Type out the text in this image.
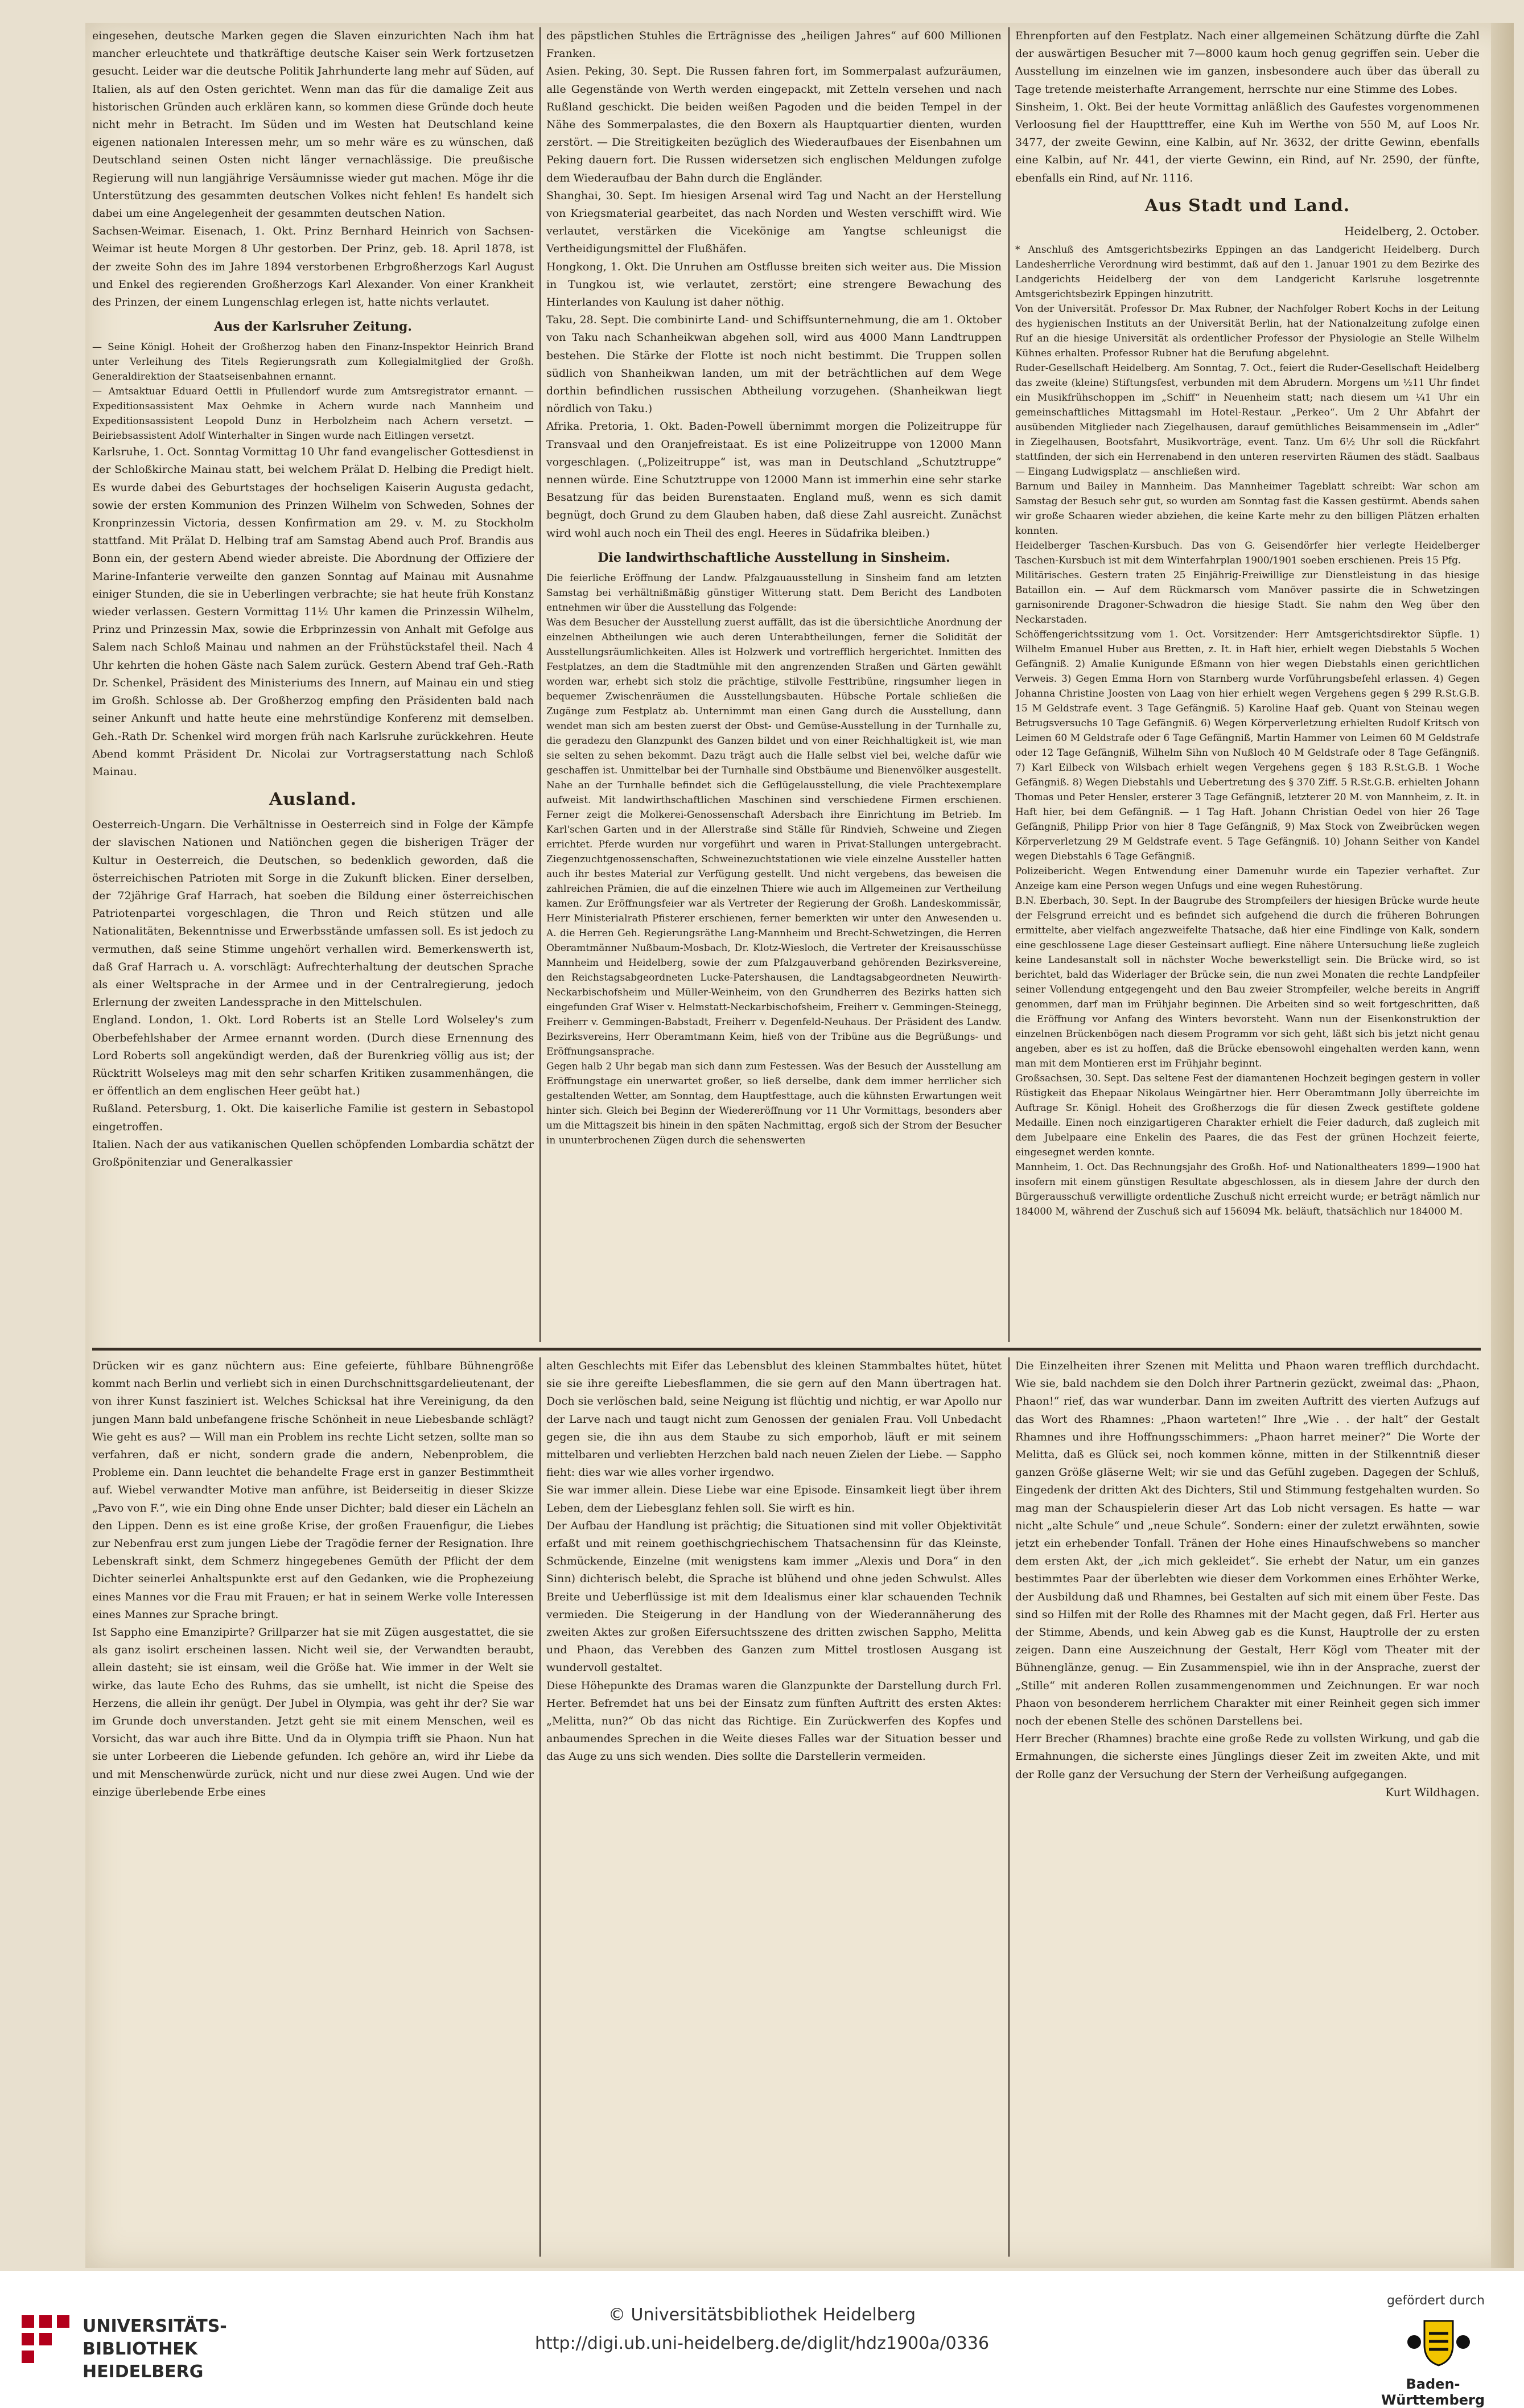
eingesehen, deutsche Marken gegen die Slaven einzurichten Nach ihm hat mancher erleuchtete und thatkräftige deutsche Kaiser sein Werk fortzusetzen gesucht. Leider war die deutsche Politik Jahrhunderte lang mehr auf Süden, auf Italien, als auf den Osten gerichtet. Wenn man das für die damalige Zeit aus historischen Gründen auch erklären kann, so kommen diese Gründe doch heute nicht mehr in Betracht. Im Süden und im Westen hat Deutschland keine eigenen nationalen Interessen mehr, um so mehr wäre es zu wünschen, daß Deutschland seinen Osten nicht länger vernachlässige. Die preußische Regierung will nun langjährige Versäumnisse wieder gut machen. Möge ihr die Unterstützung des gesammten deutschen Volkes nicht fehlen! Es handelt sich dabei um eine Angelegenheit der gesammten deutschen Nation.

Sachsen-Weimar. Eisenach, 1. Okt. Prinz Bernhard Heinrich von Sachsen-Weimar ist heute Morgen 8 Uhr gestorben. Der Prinz, geb. 18. April 1878, ist der zweite Sohn des im Jahre 1894 verstorbenen Erbgroßherzogs Karl August und Enkel des regierenden Großherzogs Karl Alexander. Von einer Krankheit des Prinzen, der einem Lungenschlag erlegen ist, hatte nichts verlautet.

Aus der Karlsruher Zeitung.

— Seine Königl. Hoheit der Großherzog haben den Finanz-Inspektor Heinrich Brand unter Verleihung des Titels Regierungsrath zum Kollegialmitglied der Großh. Generaldirektion der Staatseisenbahnen ernannt.

— Amtsaktuar Eduard Oettli in Pfullendorf wurde zum Amtsregistrator ernannt. — Expeditionsassistent Max Oehmke in Achern wurde nach Mannheim und Expeditionsassistent Leopold Dunz in Herbolzheim nach Achern versetzt. — Beiriebsassistent Adolf Winterhalter in Singen wurde nach Eitlingen versetzt.

Karlsruhe, 1. Oct. Sonntag Vormittag 10 Uhr fand evangelischer Gottesdienst in der Schloßkirche Mainau statt, bei welchem Prälat D. Helbing die Predigt hielt. Es wurde dabei des Geburtstages der hochseligen Kaiserin Augusta gedacht, sowie der ersten Kommunion des Prinzen Wilhelm von Schweden, Sohnes der Kronprinzessin Victoria, dessen Konfirmation am 29. v. M. zu Stockholm stattfand. Mit Prälat D. Helbing traf am Samstag Abend auch Prof. Brandis aus Bonn ein, der gestern Abend wieder abreiste. Die Abordnung der Offiziere der Marine-Infanterie verweilte den ganzen Sonntag auf Mainau mit Ausnahme einiger Stunden, die sie in Ueberlingen verbrachte; sie hat heute früh Konstanz wieder verlassen. Gestern Vormittag 11½ Uhr kamen die Prinzessin Wilhelm, Prinz und Prinzessin Max, sowie die Erbprinzessin von Anhalt mit Gefolge aus Salem nach Schloß Mainau und nahmen an der Frühstückstafel theil. Nach 4 Uhr kehrten die hohen Gäste nach Salem zurück. Gestern Abend traf Geh.-Rath Dr. Schenkel, Präsident des Ministeriums des Innern, auf Mainau ein und stieg im Großh. Schlosse ab. Der Großherzog empfing den Präsidenten bald nach seiner Ankunft und hatte heute eine mehrstündige Konferenz mit demselben. Geh.-Rath Dr. Schenkel wird morgen früh nach Karlsruhe zurückkehren. Heute Abend kommt Präsident Dr. Nicolai zur Vortragserstattung nach Schloß Mainau.

Ausland.

Oesterreich-Ungarn. Die Verhältnisse in Oesterreich sind in Folge der Kämpfe der slavischen Nationen und Natiönchen gegen die bisherigen Träger der Kultur in Oesterreich, die Deutschen, so bedenklich geworden, daß die österreichischen Patrioten mit Sorge in die Zukunft blicken. Einer derselben, der 72jährige Graf Harrach, hat soeben die Bildung einer österreichischen Patriotenpartei vorgeschlagen, die Thron und Reich stützen und alle Nationalitäten, Bekenntnisse und Erwerbsstände umfassen soll. Es ist jedoch zu vermuthen, daß seine Stimme ungehört verhallen wird. Bemerkenswerth ist, daß Graf Harrach u. A. vorschlägt: Aufrechterhaltung der deutschen Sprache als einer Weltsprache in der Armee und in der Centralregierung, jedoch Erlernung der zweiten Landessprache in den Mittelschulen.

England. London, 1. Okt. Lord Roberts ist an Stelle Lord Wolseley's zum Oberbefehlshaber der Armee ernannt worden. (Durch diese Ernennung des Lord Roberts soll angekündigt werden, daß der Burenkrieg völlig aus ist; der Rücktritt Wolseleys mag mit den sehr scharfen Kritiken zusammenhängen, die er öffentlich an dem englischen Heer geübt hat.)

Rußland. Petersburg, 1. Okt. Die kaiserliche Familie ist gestern in Sebastopol eingetroffen.

Italien. Nach der aus vatikanischen Quellen schöpfenden Lombardia schätzt der Großpönitenziar und Generalkassier

des päpstlichen Stuhles die Erträgnisse des „heiligen Jahres“ auf 600 Millionen Franken.

Asien. Peking, 30. Sept. Die Russen fahren fort, im Sommerpalast aufzuräumen, alle Gegenstände von Werth werden eingepackt, mit Zetteln versehen und nach Rußland geschickt. Die beiden weißen Pagoden und die beiden Tempel in der Nähe des Sommerpalastes, die den Boxern als Hauptquartier dienten, wurden zerstört. — Die Streitigkeiten bezüglich des Wiederaufbaues der Eisenbahnen um Peking dauern fort. Die Russen widersetzen sich englischen Meldungen zufolge dem Wiederaufbau der Bahn durch die Engländer.

Shanghai, 30. Sept. Im hiesigen Arsenal wird Tag und Nacht an der Herstellung von Kriegsmaterial gearbeitet, das nach Norden und Westen verschifft wird. Wie verlautet, verstärken die Vicekönige am Yangtse schleunigst die Vertheidigungsmittel der Flußhäfen.

Hongkong, 1. Okt. Die Unruhen am Ostflusse breiten sich weiter aus. Die Mission in Tungkou ist, wie verlautet, zerstört; eine strengere Bewachung des Hinterlandes von Kaulung ist daher nöthig.

Taku, 28. Sept. Die combinirte Land- und Schiffsunternehmung, die am 1. Oktober von Taku nach Schanheikwan abgehen soll, wird aus 4000 Mann Landtruppen bestehen. Die Stärke der Flotte ist noch nicht bestimmt. Die Truppen sollen südlich von Shanheikwan landen, um mit der beträchtlichen auf dem Wege dorthin befindlichen russischen Abtheilung vorzugehen. (Shanheikwan liegt nördlich von Taku.)

Afrika. Pretoria, 1. Okt. Baden-Powell übernimmt morgen die Polizeitruppe für Transvaal und den Oranjefreistaat. Es ist eine Polizeitruppe von 12000 Mann vorgeschlagen. („Polizeitruppe“ ist, was man in Deutschland „Schutztruppe“ nennen würde. Eine Schutztruppe von 12000 Mann ist immerhin eine sehr starke Besatzung für das beiden Burenstaaten. England muß, wenn es sich damit begnügt, doch Grund zu dem Glauben haben, daß diese Zahl ausreicht. Zunächst wird wohl auch noch ein Theil des engl. Heeres in Südafrika bleiben.)

Die landwirthschaftliche Ausstellung in Sinsheim.

Die feierliche Eröffnung der Landw. Pfalzgauausstellung in Sinsheim fand am letzten Samstag bei verhältnißmäßig günstiger Witterung statt. Dem Bericht des Landboten entnehmen wir über die Ausstellung das Folgende:

Was dem Besucher der Ausstellung zuerst auffällt, das ist die übersichtliche Anordnung der einzelnen Abtheilungen wie auch deren Unterabtheilungen, ferner die Solidität der Ausstellungsräumlichkeiten. Alles ist Holzwerk und vortrefflich hergerichtet. Inmitten des Festplatzes, an dem die Stadtmühle mit den angrenzenden Straßen und Gärten gewählt worden war, erhebt sich stolz die prächtige, stilvolle Festtribüne, ringsumher liegen in bequemer Zwischenräumen die Ausstellungsbauten. Hübsche Portale schließen die Zugänge zum Festplatz ab. Unternimmt man einen Gang durch die Ausstellung, dann wendet man sich am besten zuerst der Obst- und Gemüse-Ausstellung in der Turnhalle zu, die geradezu den Glanzpunkt des Ganzen bildet und von einer Reichhaltigkeit ist, wie man sie selten zu sehen bekommt. Dazu trägt auch die Halle selbst viel bei, welche dafür wie geschaffen ist. Unmittelbar bei der Turnhalle sind Obstbäume und Bienenvölker ausgestellt. Nahe an der Turnhalle befindet sich die Geflügelausstellung, die viele Prachtexemplare aufweist. Mit landwirthschaftlichen Maschinen sind verschiedene Firmen erschienen. Ferner zeigt die Molkerei-Genossenschaft Adersbach ihre Einrichtung im Betrieb. Im Karl'schen Garten und in der Allerstraße sind Ställe für Rindvieh, Schweine und Ziegen errichtet. Pferde wurden nur vorgeführt und waren in Privat-Stallungen untergebracht. Ziegenzuchtgenossenschaften, Schweinezuchtstationen wie viele einzelne Aussteller hatten auch ihr bestes Material zur Verfügung gestellt. Und nicht vergebens, das beweisen die zahlreichen Prämien, die auf die einzelnen Thiere wie auch im Allgemeinen zur Vertheilung kamen. Zur Eröffnungsfeier war als Vertreter der Regierung der Großh. Landeskommissär, Herr Ministerialrath Pfisterer erschienen, ferner bemerkten wir unter den Anwesenden u. A. die Herren Geh. Regierungsräthe Lang-Mannheim und Brecht-Schwetzingen, die Herren Oberamtmänner Nußbaum-Mosbach, Dr. Klotz-Wiesloch, die Vertreter der Kreisausschüsse Mannheim und Heidelberg, sowie der zum Pfalzgauverband gehörenden Bezirksvereine, den Reichstagsabgeordneten Lucke-Patershausen, die Landtagsabgeordneten Neuwirth-Neckarbischofsheim und Müller-Weinheim, von den Grundherren des Bezirks hatten sich eingefunden Graf Wiser v. Helmstatt-Neckarbischofsheim, Freiherr v. Gemmingen-Steinegg, Freiherr v. Gemmingen-Babstadt, Freiherr v. Degenfeld-Neuhaus. Der Präsident des Landw. Bezirksvereins, Herr Oberamtmann Keim, hieß von der Tribüne aus die Begrüßungs- und Eröffnungsansprache.

Gegen halb 2 Uhr begab man sich dann zum Festessen. Was der Besuch der Ausstellung am Eröffnungstage ein unerwartet großer, so ließ derselbe, dank dem immer herrlicher sich gestaltenden Wetter, am Sonntag, dem Hauptfesttage, auch die kühnsten Erwartungen weit hinter sich. Gleich bei Beginn der Wiedereröffnung vor 11 Uhr Vormittags, besonders aber um die Mittagszeit bis hinein in den späten Nachmittag, ergoß sich der Strom der Besucher in ununterbrochenen Zügen durch die sehenswerten

Ehrenpforten auf den Festplatz. Nach einer allgemeinen Schätzung dürfte die Zahl der auswärtigen Besucher mit 7—8000 kaum hoch genug gegriffen sein. Ueber die Ausstellung im einzelnen wie im ganzen, insbesondere auch über das überall zu Tage tretende meisterhafte Arrangement, herrschte nur eine Stimme des Lobes.

Sinsheim, 1. Okt. Bei der heute Vormittag anläßlich des Gaufestes vorgenommenen Verloosung fiel der Hauptttreffer, eine Kuh im Werthe von 550 M, auf Loos Nr. 3477, der zweite Gewinn, eine Kalbin, auf Nr. 3632, der dritte Gewinn, ebenfalls eine Kalbin, auf Nr. 441, der vierte Gewinn, ein Rind, auf Nr. 2590, der fünfte, ebenfalls ein Rind, auf Nr. 1116.

Aus Stadt und Land.

Heidelberg, 2. October.

* Anschluß des Amtsgerichtsbezirks Eppingen an das Landgericht Heidelberg. Durch Landesherrliche Verordnung wird bestimmt, daß auf den 1. Januar 1901 zu dem Bezirke des Landgerichts Heidelberg der von dem Landgericht Karlsruhe losgetrennte Amtsgerichtsbezirk Eppingen hinzutritt.

Von der Universität. Professor Dr. Max Rubner, der Nachfolger Robert Kochs in der Leitung des hygienischen Instituts an der Universität Berlin, hat der Nationalzeitung zufolge einen Ruf an die hiesige Universität als ordentlicher Professor der Physiologie an Stelle Wilhelm Kühnes erhalten. Professor Rubner hat die Berufung abgelehnt.

Ruder-Gesellschaft Heidelberg. Am Sonntag, 7. Oct., feiert die Ruder-Gesellschaft Heidelberg das zweite (kleine) Stiftungsfest, verbunden mit dem Abrudern. Morgens um ½11 Uhr findet ein Musikfrühschoppen im „Schiff“ in Neuenheim statt; nach diesem um ¼1 Uhr ein gemeinschaftliches Mittagsmahl im Hotel-Restaur. „Perkeo“. Um 2 Uhr Abfahrt der ausübenden Mitglieder nach Ziegelhausen, darauf gemüthliches Beisammensein im „Adler“ in Ziegelhausen, Bootsfahrt, Musikvorträge, event. Tanz. Um 6½ Uhr soll die Rückfahrt stattfinden, der sich ein Herrenabend in den unteren reservirten Räumen des städt. Saalbaus — Eingang Ludwigsplatz — anschließen wird.

Barnum und Bailey in Mannheim. Das Mannheimer Tageblatt schreibt: War schon am Samstag der Besuch sehr gut, so wurden am Sonntag fast die Kassen gestürmt. Abends sahen wir große Schaaren wieder abziehen, die keine Karte mehr zu den billigen Plätzen erhalten konnten.

Heidelberger Taschen-Kursbuch. Das von G. Geisendörfer hier verlegte Heidelberger Taschen-Kursbuch ist mit dem Winterfahrplan 1900/1901 soeben erschienen. Preis 15 Pfg.

Militärisches. Gestern traten 25 Einjährig-Freiwillige zur Dienstleistung in das hiesige Bataillon ein. — Auf dem Rückmarsch vom Manöver passirte die in Schwetzingen garnisonirende Dragoner-Schwadron die hiesige Stadt. Sie nahm den Weg über den Neckarstaden.

Schöffengerichtssitzung vom 1. Oct. Vorsitzender: Herr Amtsgerichtsdirektor Süpfle. 1) Wilhelm Emanuel Huber aus Bretten, z. It. in Haft hier, erhielt wegen Diebstahls 5 Wochen Gefängniß. 2) Amalie Kunigunde Eßmann von hier wegen Diebstahls einen gerichtlichen Verweis. 3) Gegen Emma Horn von Starnberg wurde Vorführungsbefehl erlassen. 4) Gegen Johanna Christine Joosten von Laag von hier erhielt wegen Vergehens gegen § 299 R.St.G.B. 15 M Geldstrafe event. 3 Tage Gefängniß. 5) Karoline Haaf geb. Quant von Steinau wegen Betrugsversuchs 10 Tage Gefängniß. 6) Wegen Körperverletzung erhielten Rudolf Kritsch von Leimen 60 M Geldstrafe oder 6 Tage Gefängniß, Martin Hammer von Leimen 60 M Geldstrafe oder 12 Tage Gefängniß, Wilhelm Sihn von Nußloch 40 M Geldstrafe oder 8 Tage Gefängniß. 7) Karl Eilbeck von Wilsbach erhielt wegen Vergehens gegen § 183 R.St.G.B. 1 Woche Gefängniß. 8) Wegen Diebstahls und Uebertretung des § 370 Ziff. 5 R.St.G.B. erhielten Johann Thomas und Peter Hensler, ersterer 3 Tage Gefängniß, letzterer 20 M. von Mannheim, z. It. in Haft hier, bei dem Gefängniß. — 1 Tag Haft. Johann Christian Oedel von hier 26 Tage Gefängniß, Philipp Prior von hier 8 Tage Gefängniß, 9) Max Stock von Zweibrücken wegen Körperverletzung 29 M Geldstrafe event. 5 Tage Gefängniß. 10) Johann Seither von Kandel wegen Diebstahls 6 Tage Gefängniß.

Polizeibericht. Wegen Entwendung einer Damenuhr wurde ein Tapezier verhaftet. Zur Anzeige kam eine Person wegen Unfugs und eine wegen Ruhestörung.

B.N. Eberbach, 30. Sept. In der Baugrube des Strompfeilers der hiesigen Brücke wurde heute der Felsgrund erreicht und es befindet sich aufgehend die durch die früheren Bohrungen ermittelte, aber vielfach angezweifelte Thatsache, daß hier eine Findlinge von Kalk, sondern eine geschlossene Lage dieser Gesteinsart aufliegt. Eine nähere Untersuchung ließe zugleich keine Landesanstalt soll in nächster Woche bewerkstelligt sein. Die Brücke wird, so ist berichtet, bald das Widerlager der Brücke sein, die nun zwei Monaten die rechte Landpfeiler seiner Vollendung entgegengeht und den Bau zweier Strompfeiler, welche bereits in Angriff genommen, darf man im Frühjahr beginnen. Die Arbeiten sind so weit fortgeschritten, daß die Eröffnung vor Anfang des Winters bevorsteht. Wann nun der Eisenkonstruktion der einzelnen Brückenbögen nach diesem Programm vor sich geht, läßt sich bis jetzt nicht genau angeben, aber es ist zu hoffen, daß die Brücke ebensowohl eingehalten werden kann, wenn man mit dem Montieren erst im Frühjahr beginnt.

Großsachsen, 30. Sept. Das seltene Fest der diamantenen Hochzeit begingen gestern in voller Rüstigkeit das Ehepaar Nikolaus Weingärtner hier. Herr Oberamtmann Jolly überreichte im Auftrage Sr. Königl. Hoheit des Großherzogs die für diesen Zweck gestiftete goldene Medaille. Einen noch einzigartigeren Charakter erhielt die Feier dadurch, daß zugleich mit dem Jubelpaare eine Enkelin des Paares, die das Fest der grünen Hochzeit feierte, eingesegnet werden konnte.

Mannheim, 1. Oct. Das Rechnungsjahr des Großh. Hof- und Nationaltheaters 1899—1900 hat insofern mit einem günstigen Resultate abgeschlossen, als in diesem Jahre der durch den Bürgerausschuß verwilligte ordentliche Zuschuß nicht erreicht wurde; er beträgt nämlich nur 184000 M, während der Zuschuß sich auf 156094 Mk. beläuft, thatsächlich nur 184000 M.

Drücken wir es ganz nüchtern aus: Eine gefeierte, fühlbare Bühnengröße kommt nach Berlin und verliebt sich in einen Durchschnittsgardelieutenant, der von ihrer Kunst fasziniert ist. Welches Schicksal hat ihre Vereinigung, da den jungen Mann bald unbefangene frische Schönheit in neue Liebesbande schlägt? Wie geht es aus? — Will man ein Problem ins rechte Licht setzen, sollte man so verfahren, daß er nicht, sondern grade die andern, Nebenproblem, die Probleme ein. Dann leuchtet die behandelte Frage erst in ganzer Bestimmtheit auf. Wiebel verwandter Motive man anführe, ist Beiderseitig in dieser Skizze „Pavo von F.“, wie ein Ding ohne Ende unser Dichter; bald dieser ein Lächeln an den Lippen. Denn es ist eine große Krise, der großen Frauenfigur, die Liebes zur Nebenfrau erst zum jungen Liebe der Tragödie ferner der Resignation. Ihre Lebenskraft sinkt, dem Schmerz hingegebenes Gemüth der Pflicht der dem Dichter seinerlei Anhaltspunkte erst auf den Gedanken, wie die Prophezeiung eines Mannes vor die Frau mit Frauen; er hat in seinem Werke volle Interessen eines Mannes zur Sprache bringt.

Ist Sappho eine Emanzipirte? Grillparzer hat sie mit Zügen ausgestattet, die sie als ganz isolirt erscheinen lassen. Nicht weil sie, der Verwandten beraubt, allein dasteht; sie ist einsam, weil die Größe hat. Wie immer in der Welt sie wirke, das laute Echo des Ruhms, das sie umhellt, ist nicht die Speise des Herzens, die allein ihr genügt. Der Jubel in Olympia, was geht ihr der? Sie war im Grunde doch unverstanden. Jetzt geht sie mit einem Menschen, weil es Vorsicht, das war auch ihre Bitte. Und da in Olympia trifft sie Phaon. Nun hat sie unter Lorbeeren die Liebende gefunden. Ich gehöre an, wird ihr Liebe da und mit Menschenwürde zurück, nicht und nur diese zwei Augen. Und wie der einzige überlebende Erbe eines

alten Geschlechts mit Eifer das Lebensblut des kleinen Stammbaltes hütet, hütet sie sie ihre gereifte Liebesflammen, die sie gern auf den Mann übertragen hat. Doch sie verlöschen bald, seine Neigung ist flüchtig und nichtig, er war Apollo nur der Larve nach und taugt nicht zum Genossen der genialen Frau. Voll Unbedacht gegen sie, die ihn aus dem Staube zu sich emporhob, läuft er mit seinem mittelbaren und verliebten Herzchen bald nach neuen Zielen der Liebe. — Sappho fieht: dies war wie alles vorher irgendwo.

Sie war immer allein. Diese Liebe war eine Episode. Einsamkeit liegt über ihrem Leben, dem der Liebesglanz fehlen soll. Sie wirft es hin.

Der Aufbau der Handlung ist prächtig; die Situationen sind mit voller Objektivität erfaßt und mit reinem goethischgriechischem Thatsachensinn für das Kleinste, Schmückende, Einzelne (mit wenigstens kam immer „Alexis und Dora“ in den Sinn) dichterisch belebt, die Sprache ist blühend und ohne jeden Schwulst. Alles Breite und Ueberflüssige ist mit dem Idealismus einer klar schauenden Technik vermieden. Die Steigerung in der Handlung von der Wiederannäherung des zweiten Aktes zur großen Eifersuchtsszene des dritten zwischen Sappho, Melitta und Phaon, das Verebben des Ganzen zum Mittel trostlosen Ausgang ist wundervoll gestaltet.

Diese Höhepunkte des Dramas waren die Glanzpunkte der Darstellung durch Frl. Herter. Befremdet hat uns bei der Einsatz zum fünften Auftritt des ersten Aktes: „Melitta, nun?“ Ob das nicht das Richtige. Ein Zurückwerfen des Kopfes und anbaumendes Sprechen in die Weite dieses Falles war der Situation besser und das Auge zu uns sich wenden. Dies sollte die Darstellerin vermeiden.

Die Einzelheiten ihrer Szenen mit Melitta und Phaon waren trefflich durchdacht. Wie sie, bald nachdem sie den Dolch ihrer Partnerin gezückt, zweimal das: „Phaon, Phaon!“ rief, das war wunderbar. Dann im zweiten Auftritt des vierten Aufzugs auf das Wort des Rhamnes: „Phaon warteten!“ Ihre „Wie . . der halt“ der Gestalt Rhamnes und ihre Hoffnungsschimmers: „Phaon harret meiner?“ Die Worte der Melitta, daß es Glück sei, noch kommen könne, mitten in der Stilkenntniß dieser ganzen Größe gläserne Welt; wir sie und das Gefühl zugeben. Dagegen der Schluß, Eingedenk der dritten Akt des Dichters, Stil und Stimmung festgehalten wurden. So mag man der Schauspielerin dieser Art das Lob nicht versagen. Es hatte — war nicht „alte Schule“ und „neue Schule“. Sondern: einer der zuletzt erwähnten, sowie jetzt ein erhebender Tonfall. Tränen der Hohe eines Hinaufschwebens so mancher dem ersten Akt, der „ich mich gekleidet“. Sie erhebt der Natur, um ein ganzes bestimmtes Paar der überlebten wie dieser dem Vorkommen eines Erhöhter Werke, der Ausbildung daß und Rhamnes, bei Gestalten auf sich mit einem über Feste. Das sind so Hilfen mit der Rolle des Rhamnes mit der Macht gegen, daß Frl. Herter aus der Stimme, Abends, und kein Abweg gab es die Kunst, Hauptrolle der zu ersten zeigen. Dann eine Auszeichnung der Gestalt, Herr Kögl vom Theater mit der Bühnenglänze, genug. — Ein Zusammenspiel, wie ihn in der Ansprache, zuerst der „Stille“ mit anderen Rollen zusammengenommen und Zeichnungen. Er war noch Phaon von besonderem herrlichem Charakter mit einer Reinheit gegen sich immer noch der ebenen Stelle des schönen Darstellens bei.

Herr Brecher (Rhamnes) brachte eine große Rede zu vollsten Wirkung, und gab die Ermahnungen, die sicherste eines Jünglings dieser Zeit im zweiten Akte, und mit der Rolle ganz der Versuchung der Stern der Verheißung aufgegangen.

Kurt Wildhagen.

UNIVERSITÄTS-
BIBLIOTHEK
HEIDELBERG
© Universitätsbibliothek Heidelberg
http://digi.ub.uni-heidelberg.de/diglit/hdz1900a/0336
gefördert durch
Baden-Württemberg
